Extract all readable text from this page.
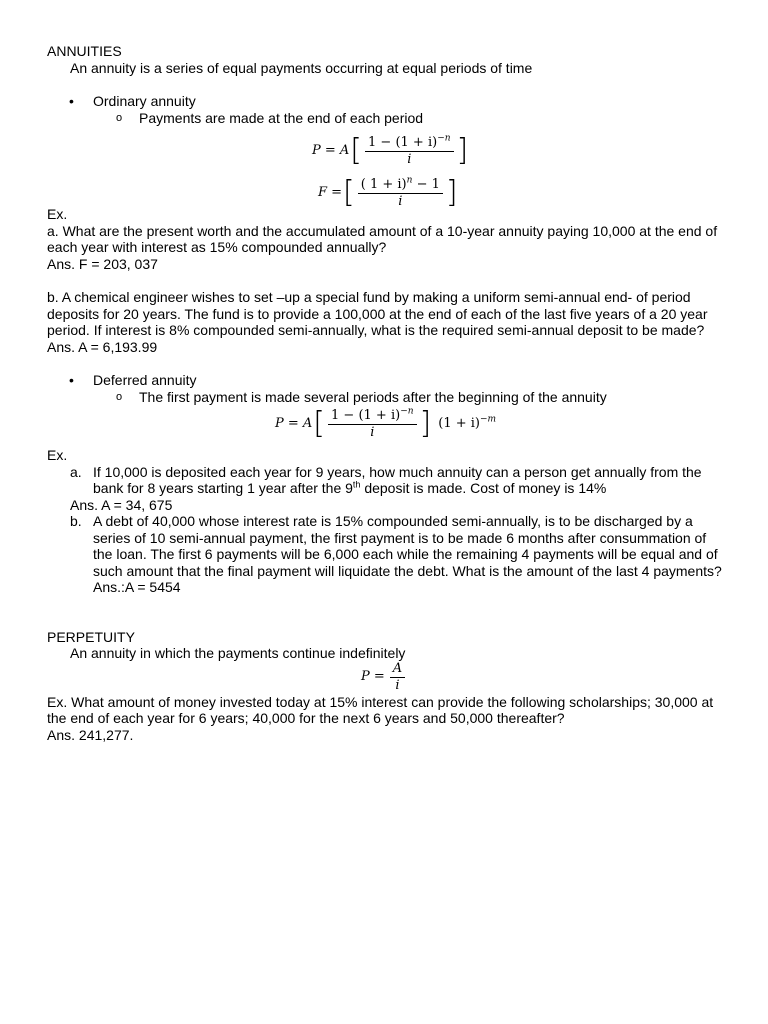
ANNUITIES
An annuity is a series of equal payments occurring at equal periods of time
• Ordinary annuity
o Payments are made at the end of each period
P = A [ $\frac{1 - (1 + i)^{-n}}{i}$ ]
F = [ $\frac{( 1 + i)^n - 1}{i}$ ]
Ex.
a. What are the present worth and the accumulated amount of a 10-year annuity paying 10,000 at the end of each year with interest as 15% compounded annually?
Ans. F = 203, 037
b. A chemical engineer wishes to set –up a special fund by making a uniform semi-annual end- of period deposits for 20 years. The fund is to provide a 100,000 at the end of each of the last five years of a 20 year period. If interest is 8% compounded semi-annually, what is the required semi-annual deposit to be made?
Ans. A = 6,193.99
• Deferred annuity
o The first payment is made several periods after the beginning of the annuity
P = A [ $\frac{1 - (1 + i)^{-n}}{i}$ ] $(1 + i)^{-m}$
Ex.
a. If 10,000 is deposited each year for 9 years, how much annuity can a person get annually from the bank for 8 years starting 1 year after the 9th deposit is made. Cost of money is 14%
Ans. A = 34, 675
b. A debt of 40,000 whose interest rate is 15% compounded semi-annually, is to be discharged by a series of 10 semi-annual payment, the first payment is to be made 6 months after consummation of the loan. The first 6 payments will be 6,000 each while the remaining 4 payments will be equal and of such amount that the final payment will liquidate the debt. What is the amount of the last 4 payments?
Ans.:A = 5454
PERPETUITY
An annuity in which the payments continue indefinitely
$P = \frac{A}{i}$
Ex. What amount of money invested today at 15% interest can provide the following scholarships; 30,000 at the end of each year for 6 years; 40,000 for the next 6 years and 50,000 thereafter?
Ans. 241,277.
